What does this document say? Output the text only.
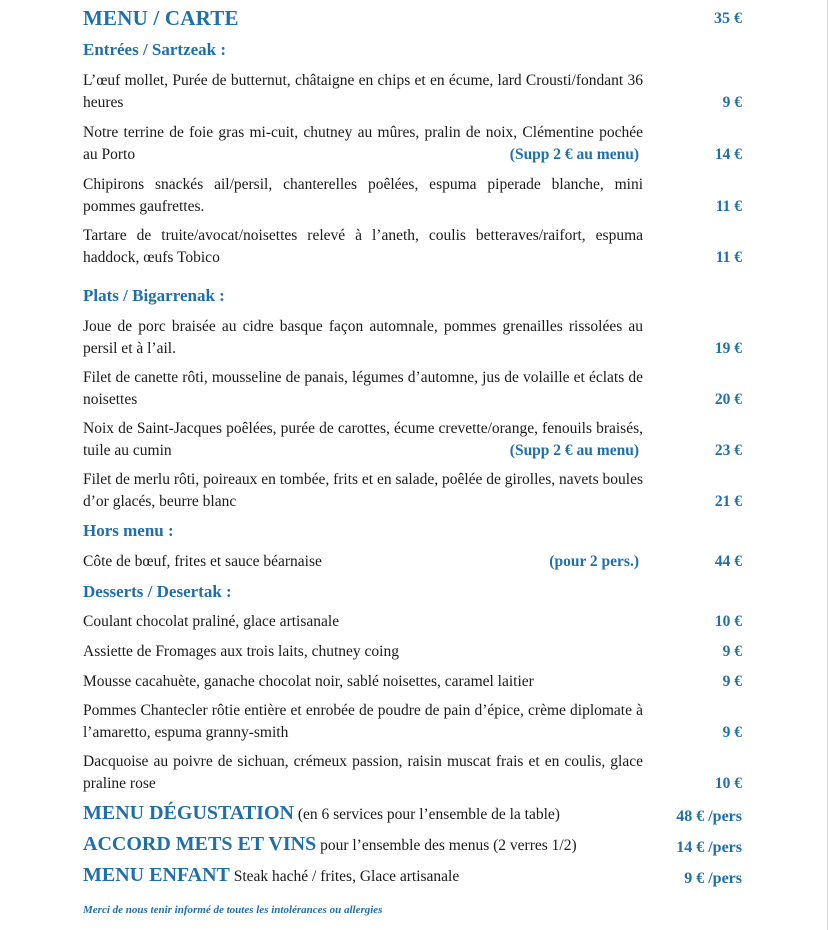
MENU / CARTE	35 €
Entrées / Sartzeak :
L’œuf mollet, Purée de butternut, châtaigne en chips et en écume, lard Crousti/fondant 36 heures	9 €
Notre terrine de foie gras mi-cuit, chutney au mûres, pralin de noix, Clémentine pochée au Porto	(Supp 2 € au menu)	14 €
Chipirons snackés ail/persil, chanterelles poêlées, espuma piperade blanche, mini pommes gaufrettes.	11 €
Tartare de truite/avocat/noisettes relevé à l’aneth, coulis betteraves/raifort, espuma haddock, œufs Tobico	11 €
Plats / Bigarrenak :
Joue de porc braisée au cidre basque façon automnale, pommes grenailles rissolées au persil et à l’ail.	19 €
Filet de canette rôti, mousseline de panais, légumes d’automne, jus de volaille et éclats de noisettes	20 €
Noix de Saint-Jacques poêlées, purée de carottes, écume crevette/orange, fenouils braisés, tuile au cumin	(Supp 2 € au menu)	23 €
Filet de merlu rôti, poireaux en tombée, frits et en salade, poêlée de girolles, navets boules d’or glacés, beurre blanc	21 €
Hors menu :
Côte de bœuf, frites et sauce béarnaise	(pour 2 pers.)	44 €
Desserts / Desertak :
Coulant chocolat praliné, glace artisanale	10 €
Assiette de Fromages aux trois laits, chutney coing	9 €
Mousse cacahuète, ganache chocolat noir, sablé noisettes, caramel laitier	9 €
Pommes Chantecler rôtie entière et enrobée de poudre de pain d’épice, crème diplomate à l’amaretto, espuma granny-smith	9 €
Dacquoise au poivre de sichuan, crémeux passion, raisin muscat frais et en coulis, glace praline rose	10 €
MENU DÉGUSTATION (en 6 services pour l’ensemble de la table)	48 € /pers
ACCORD METS ET VINS pour l’ensemble des menus (2 verres 1/2)	14 € /pers
MENU ENFANT Steak haché / frites, Glace artisanale	9 € /pers
Merci de nous tenir informé de toutes les intolérances ou allergies
